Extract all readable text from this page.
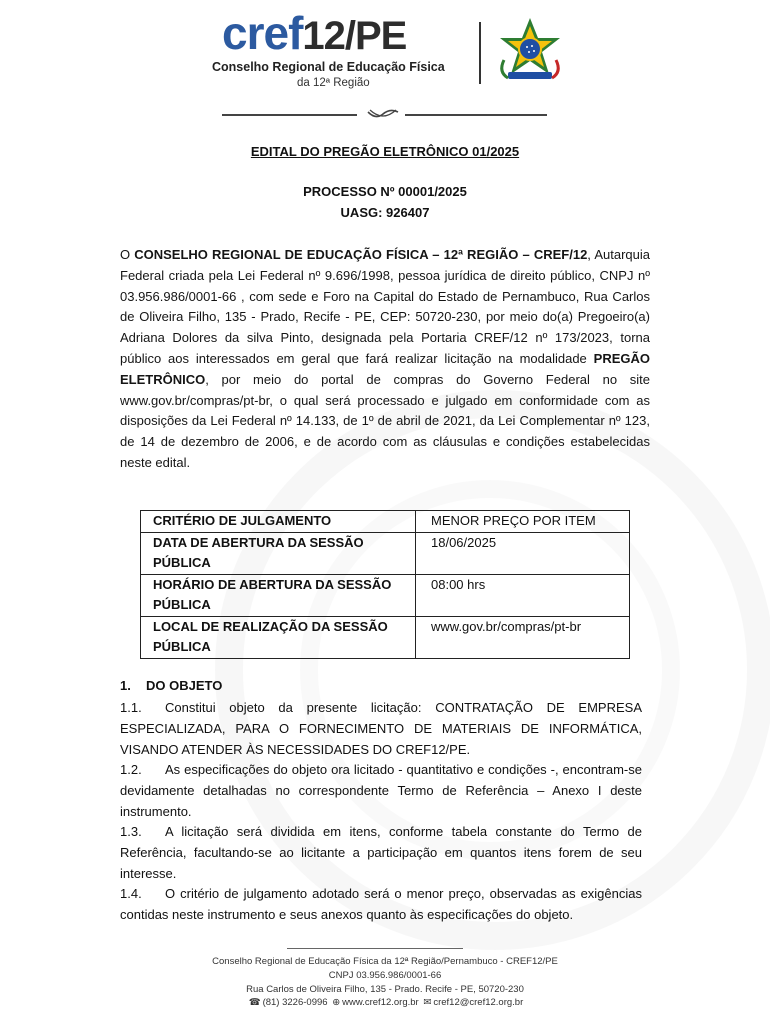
cref12/PE
Conselho Regional de Educação Física
da 12ª Região
EDITAL DO PREGÃO ELETRÔNICO 01/2025
PROCESSO Nº 00001/2025
UASG: 926407
O CONSELHO REGIONAL DE EDUCAÇÃO FÍSICA – 12ª REGIÃO – CREF/12, Autarquia Federal criada pela Lei Federal nº 9.696/1998, pessoa jurídica de direito público, CNPJ nº 03.956.986/0001-66 , com sede e Foro na Capital do Estado de Pernambuco, Rua Carlos de Oliveira Filho, 135 - Prado, Recife - PE, CEP: 50720-230, por meio do(a) Pregoeiro(a) Adriana Dolores da silva Pinto, designada pela Portaria CREF/12 nº 173/2023, torna público aos interessados em geral que fará realizar licitação na modalidade PREGÃO ELETRÔNICO, por meio do portal de compras do Governo Federal no site www.gov.br/compras/pt-br, o qual será processado e julgado em conformidade com as disposições da Lei Federal nº 14.133, de 1º de abril de 2021, da Lei Complementar nº 123, de 14 de dezembro de 2006, e de acordo com as cláusulas e condições estabelecidas neste edital.
CRITÉRIO DE JULGAMENTO	MENOR PREÇO POR ITEM
DATA DE ABERTURA DA SESSÃO PÚBLICA	18/06/2025
HORÁRIO DE ABERTURA DA SESSÃO PÚBLICA	08:00 hrs
LOCAL DE REALIZAÇÃO DA SESSÃO PÚBLICA	www.gov.br/compras/pt-br
1. DO OBJETO
1.1. Constitui objeto da presente licitação: CONTRATAÇÃO DE EMPRESA ESPECIALIZADA, PARA O FORNECIMENTO DE MATERIAIS DE INFORMÁTICA, VISANDO ATENDER ÀS NECESSIDADES DO CREF12/PE.
1.2. As especificações do objeto ora licitado - quantitativo e condições -, encontram-se devidamente detalhadas no correspondente Termo de Referência – Anexo I deste instrumento.
1.3. A licitação será dividida em itens, conforme tabela constante do Termo de Referência, facultando-se ao licitante a participação em quantos itens forem de seu interesse.
1.4. O critério de julgamento adotado será o menor preço, observadas as exigências contidas neste instrumento e seus anexos quanto às especificações do objeto.
Conselho Regional de Educação Física da 12ª Região/Pernambuco - CREF12/PE
CNPJ 03.956.986/0001-66
Rua Carlos de Oliveira Filho, 135 - Prado. Recife - PE, 50720-230
☎ (81) 3226-0996 ⊕ www.cref12.org.br ✉ cref12@cref12.org.br
